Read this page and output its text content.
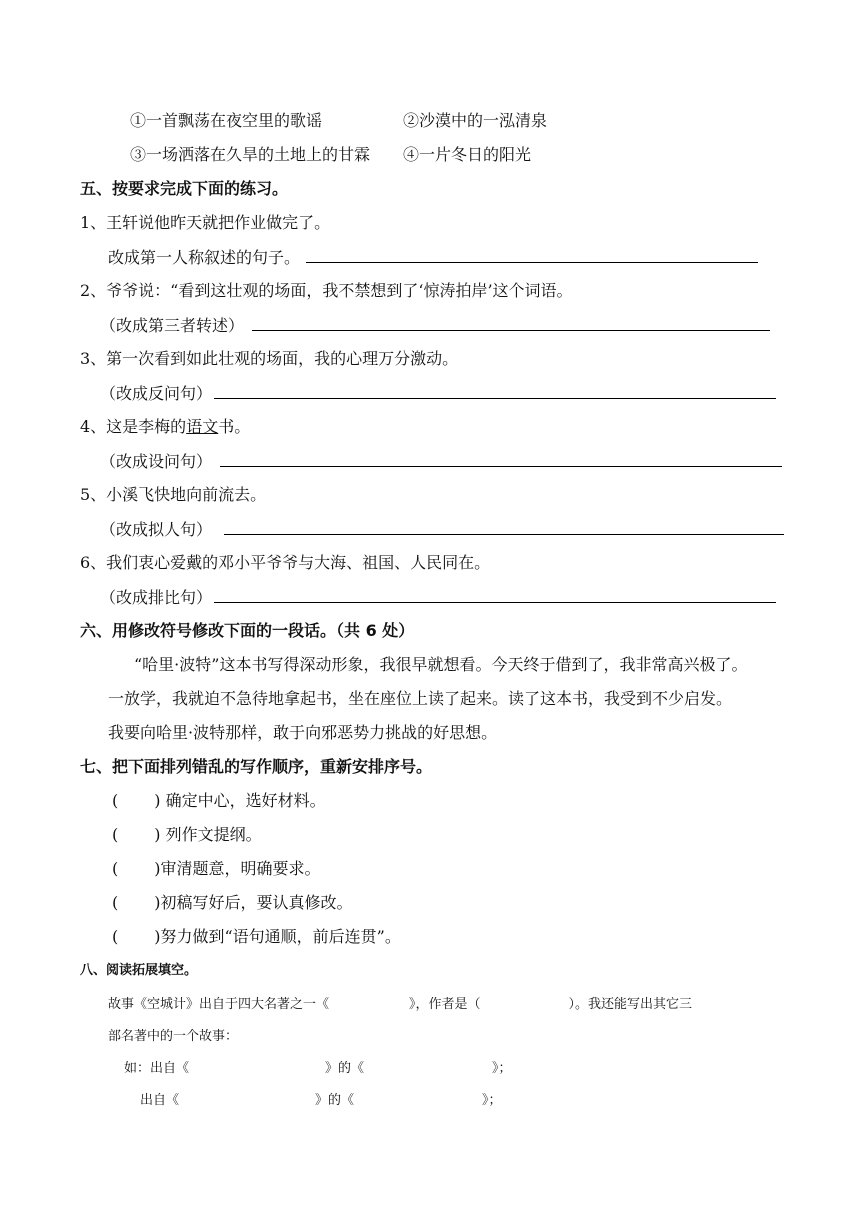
①一首飘荡在夜空里的歌谣	②沙漠中的一泓清泉
③一场洒落在久旱的土地上的甘霖 ④一片冬日的阳光
五、按要求完成下面的练习。
1、王轩说他昨天就把作业做完了。
改成第一人称叙述的句子。
2、爷爷说：“看到这壮观的场面，我不禁想到了‘惊涛拍岸’这个词语。
（改成第三者转述）
3、第一次看到如此壮观的场面，我的心理万分激动。
（改成反问句）
4、这是李梅的语文书。
（改成设问句）
5、小溪飞快地向前流去。
（改成拟人句）
6、我们衷心爱戴的邓小平爷爷与大海、祖国、人民同在。
（改成排比句）
六、用修改符号修改下面的一段话。（共 6 处）
“哈里·波特”这本书写得深动形象，我很早就想看。今天终于借到了，我非常高兴极了。
一放学，我就迫不急待地拿起书，坐在座位上读了起来。读了这本书，我受到不少启发。
我要向哈里·波特那样，敢于向邪恶势力挑战的好思想。
七、把下面排列错乱的写作顺序，重新安排序号。
( ) 确定中心，选好材料。
( ) 列作文提纲。
( )审清题意，明确要求。
( )初稿写好后，要认真修改。
( )努力做到“语句通顺，前后连贯”。
八、阅读拓展填空。
故事《空城计》出自于四大名著之一《	》，作者是（	）。我还能写出其它三
部名著中的一个故事：
如：出自《	》的《	》；
出自《	》的《	》；
